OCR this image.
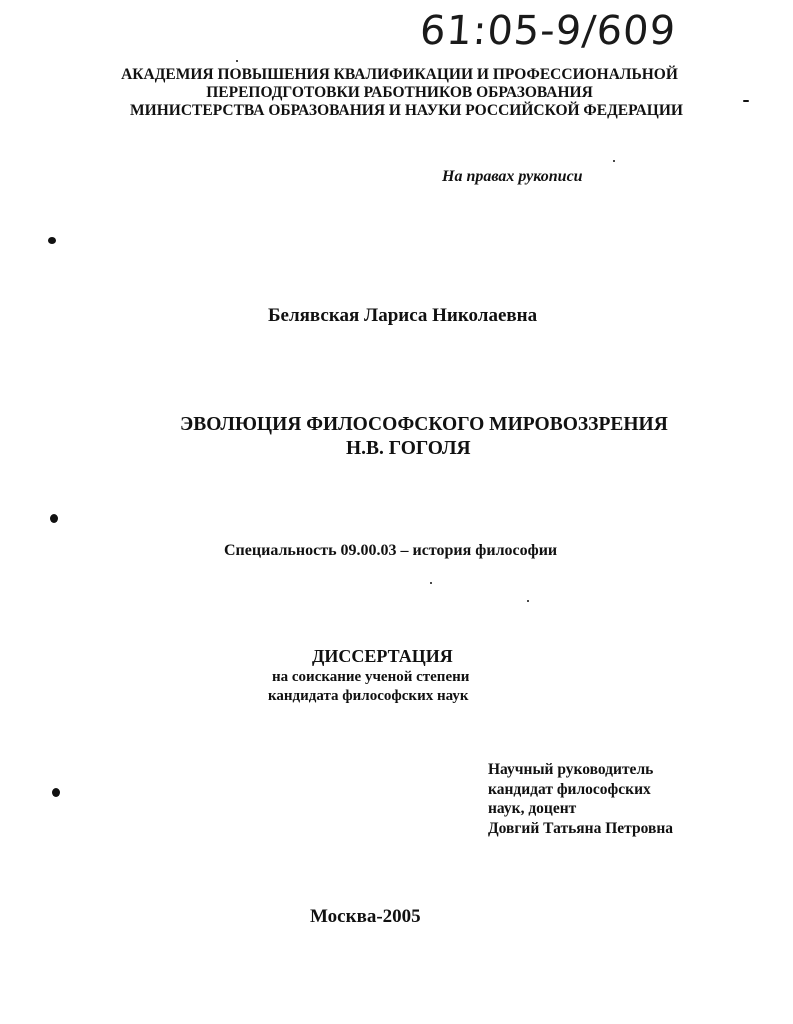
61:05-9/609
АКАДЕМИЯ ПОВЫШЕНИЯ КВАЛИФИКАЦИИ И ПРОФЕССИОНАЛЬНОЙ
ПЕРЕПОДГОТОВКИ РАБОТНИКОВ ОБРАЗОВАНИЯ
МИНИСТЕРСТВА ОБРАЗОВАНИЯ И НАУКИ РОССИЙСКОЙ ФЕДЕРАЦИИ
На правах рукописи
Белявская Лариса Николаевна
ЭВОЛЮЦИЯ ФИЛОСОФСКОГО МИРОВОЗЗРЕНИЯ
Н.В. ГОГОЛЯ
Специальность 09.00.03 – история философии
ДИССЕРТАЦИЯ
на соискание ученой степени
кандидата философских наук
Научный руководитель
кандидат философских
наук, доцент
Довгий Татьяна Петровна
Москва-2005
